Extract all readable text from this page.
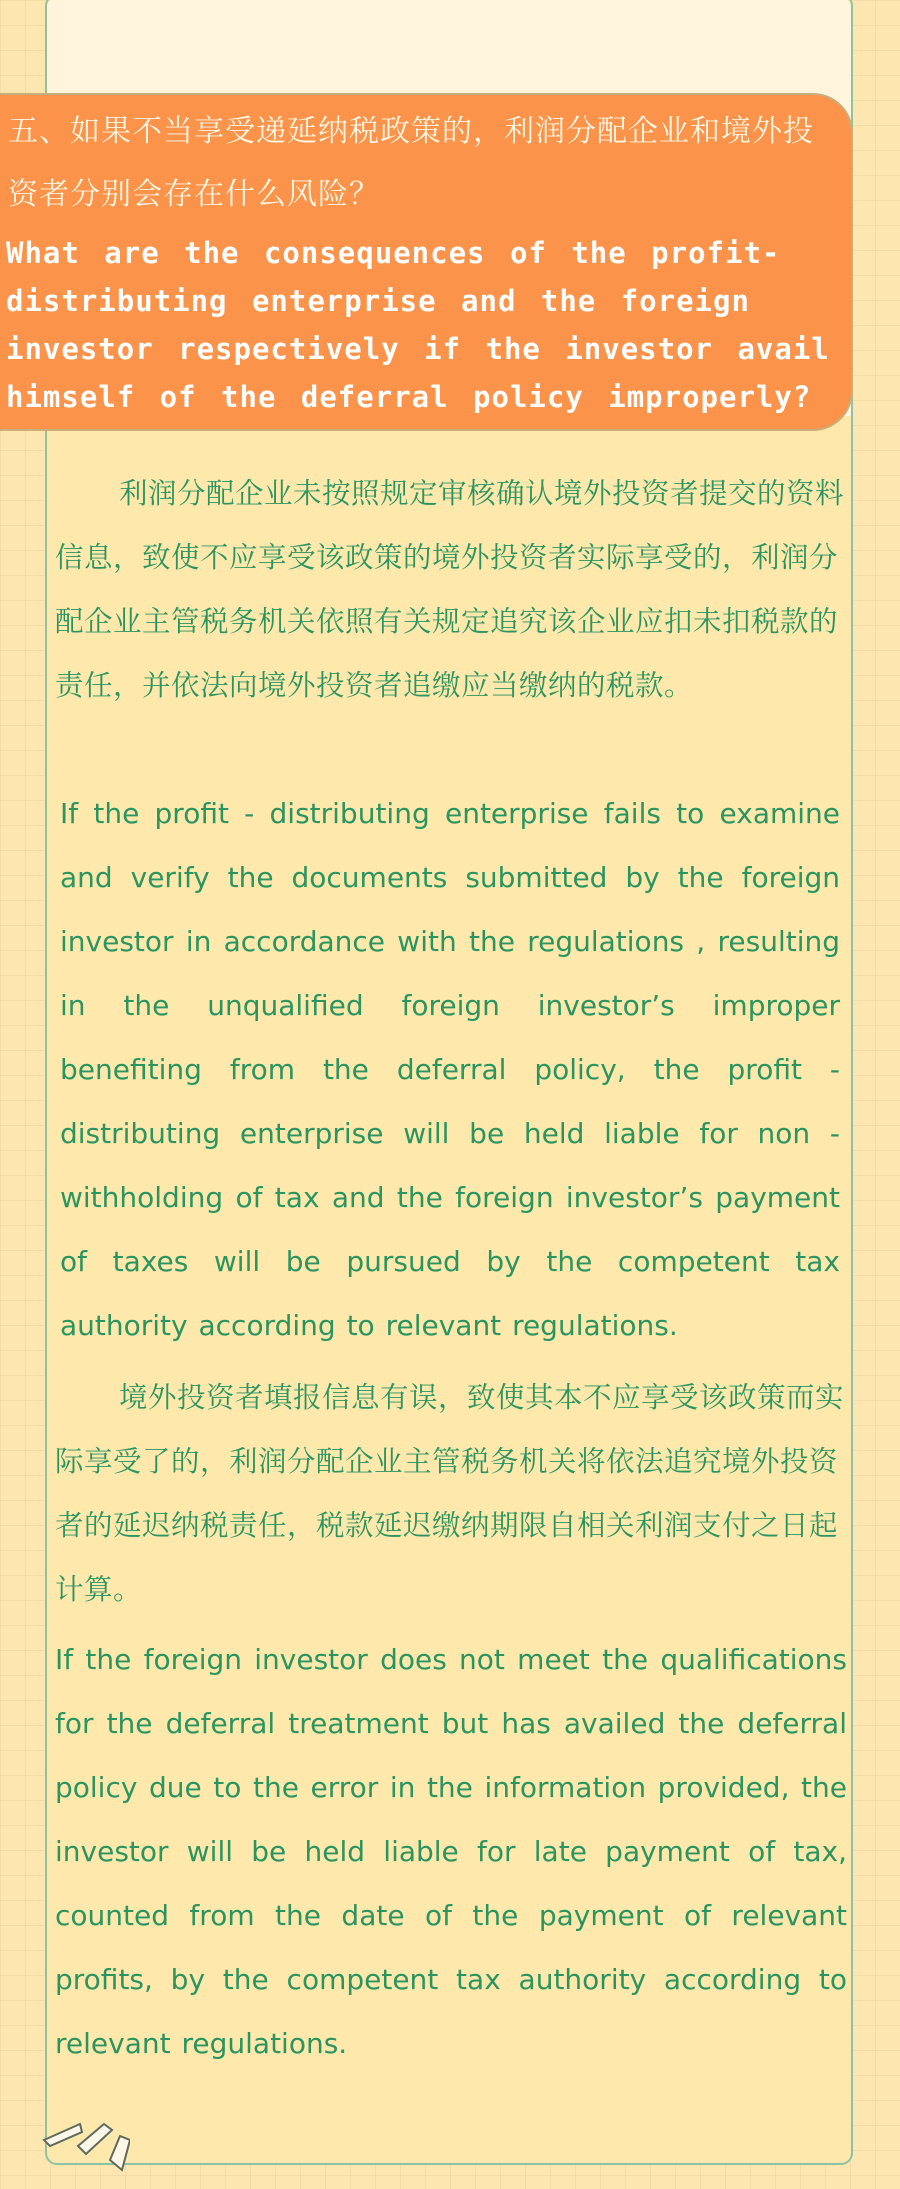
五、如果不当享受递延纳税政策的，利润分配企业和境外投资者分别会存在什么风险？
What are the consequences of the profit-distributing enterprise and the foreign investor respectively if the investor avail himself of the deferral policy improperly?

利润分配企业未按照规定审核确认境外投资者提交的资料信息，致使不应享受该政策的境外投资者实际享受的，利润分配企业主管税务机关依照有关规定追究该企业应扣未扣税款的责任，并依法向境外投资者追缴应当缴纳的税款。

If the profit - distributing enterprise fails to examine and verify the documents submitted by the foreign investor in accordance with the regulations , resulting in the unqualified foreign investor’s improper benefiting from the deferral policy, the profit - distributing enterprise will be held liable for non - withholding of tax and the foreign investor’s payment of taxes will be pursued by the competent tax authority according to relevant regulations.

境外投资者填报信息有误，致使其本不应享受该政策而实际享受了的，利润分配企业主管税务机关将依法追究境外投资者的延迟纳税责任，税款延迟缴纳期限自相关利润支付之日起计算。

If the foreign investor does not meet the qualifications for the deferral treatment but has availed the deferral policy due to the error in the information provided, the investor will be held liable for late payment of tax, counted from the date of the payment of relevant profits, by the competent tax authority according to relevant regulations.
